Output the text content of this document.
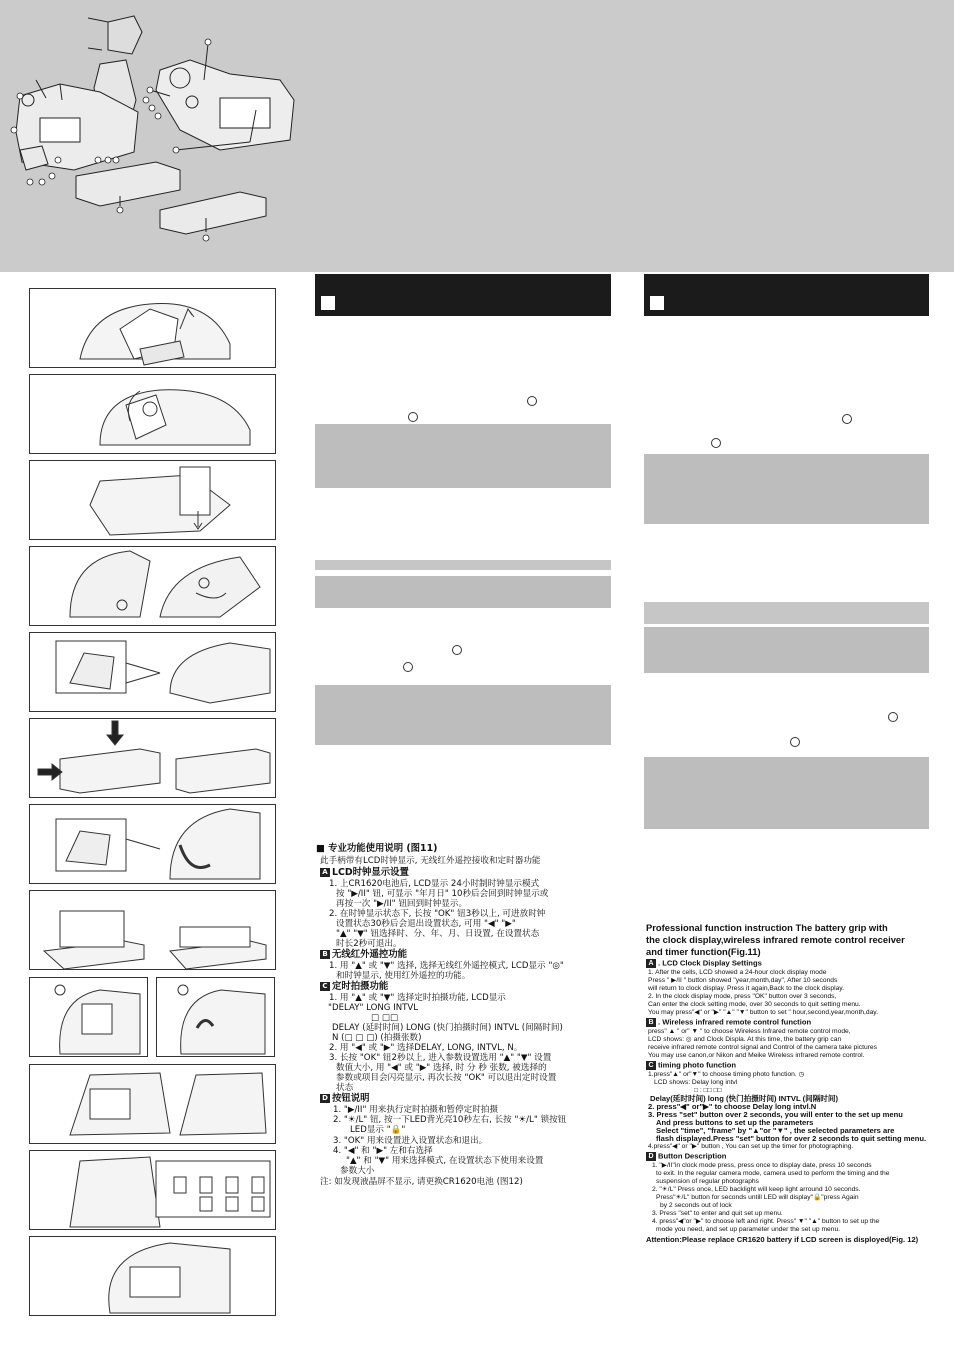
■ 专业功能使用说明 (图11)
此手柄带有LCD时钟显示, 无线红外遥控接收和定时器功能
A LCD时钟显示设置
1. 上CR1620电池后, LCD显示 24小时制时钟显示模式
按 "▶/II" 钮, 可显示 "年月日" 10秒后会回到时钟显示或
再按一次 "▶/II" 钮回到时钟显示。
2. 在时钟显示状态下, 长按 "OK" 钮3秒以上, 可进放时钟
设置状态30秒后会退出设置状态, 可用 "◀" "▶"
"▲" "▼" 钮选择时、分、年、月、日设置, 在设置状态
时长2秒可退出。
B 无线红外遥控功能
1. 用 "▲" 或 "▼" 选择, 选择无线红外遥控模式, LCD显示 "◎"
和时钟显示, 使用红外遥控的功能。
C 定时拍摄功能
1. 用 "▲" 或 "▼" 选择定时拍摄功能, LCD显示
"DELAY" LONG INTVL
□ □□
DELAY (延时时间) LONG (快门拍摄时间) INTVL (间隔时间)
N (□ □ □) (拍摄张数)
2. 用 "◀" 或 "▶" 选择DELAY, LONG, INTVL, N。
3. 长按 "OK" 钮2秒以上, 进入参数设置选用 "▲" "▼" 设置
数值大小, 用 "◀" 或 "▶" 选择, 时 分 秒 张数, 被选择的
参数或项目会闪亮显示, 再次长按 "OK" 可以退出定时设置
状态
D 按钮说明
1. "▶/II" 用来执行定时拍摄和暂停定时拍摄
2. "☀/L" 钮, 按一下LED背光亮10秒左右, 长按 "☀/L" 锁按钮
LED显示 "🔒"
3. "OK" 用来设置进入设置状态和退出。
4. "◀" 和 "▶" 左和右选择
"▲" 和 "▼" 用来选择模式, 在设置状态下使用来设置
参数大小
注: 如发现液晶屏不显示, 请更换CR1620电池 (图12)
Professional function instruction The battery grip with
the clock display,wireless infrared remote control receiver
and timer function(Fig.11)
A . LCD Clock Display Settings
1. After the cells, LCD showed a 24-hour clock display mode
Press " ▶/II " button showed "year,month,day", After 10 seconds
will return to clock display. Press it again,Back to the clock display.
2. In the clock display mode, press "OK" button over 3 seconds,
Can enter the clock setting mode, over 30 seconds to quit setting menu.
You may press"◀" or "▶" "▲" "▼" button to set " hour,second,year,month,day.
B . Wireless infrared remote control function
press" ▲ " or" ▼ " to choose Wireless Infrared remote control mode,
LCD shows: ◎ and Clock Displa. At this time, the battery grip can
receive infrared remote control signal and Control of the camera take pictures
You may use canon,or Nikon and Meike Wireless infrared remote control.
C timing photo function
1.press"▲" or"▼" to choose timing photo function. ◷
LCD shows: Delay long intvl
□ : □□ □□
Delay(延时时间) long (快门拍摄时间) INTVL (间隔时间)
2. press"◀" or"▶" to choose Delay long intvl.N
3. Press "set" button over 2 seconds, you will enter to the set up menu
And press buttons to set up the parameters
Select "time", "frame" by "▲"or "▼" , the selected parameters are
flash displayed.Press "set" button for over 2 seconds to quit setting menu.
4.press"◀" or "▶" button , You can set up the timer for photographing.
D Button Description
1. "▶/II"in clock mode press, press once to display date, press 10 seconds
to exit. In the regular camera mode, camera used to perform the timing and the
suspension of regular photographs
2. "☀/L" Press once, LED backlight will keep light arround 10 seconds.
Press"☀/L" button for seconds untill LED will display"🔒"press Again
by 2 seconds out of lock
3. Press "set" to enter and quit set up menu.
4. press"◀"or "▶" to choose left and right. Press" ▼" "▲" button to set up the
mode you need, and set up parameter under the set up menu.
Attention:Please replace CR1620 battery if LCD screen is disployed(Fig. 12)
